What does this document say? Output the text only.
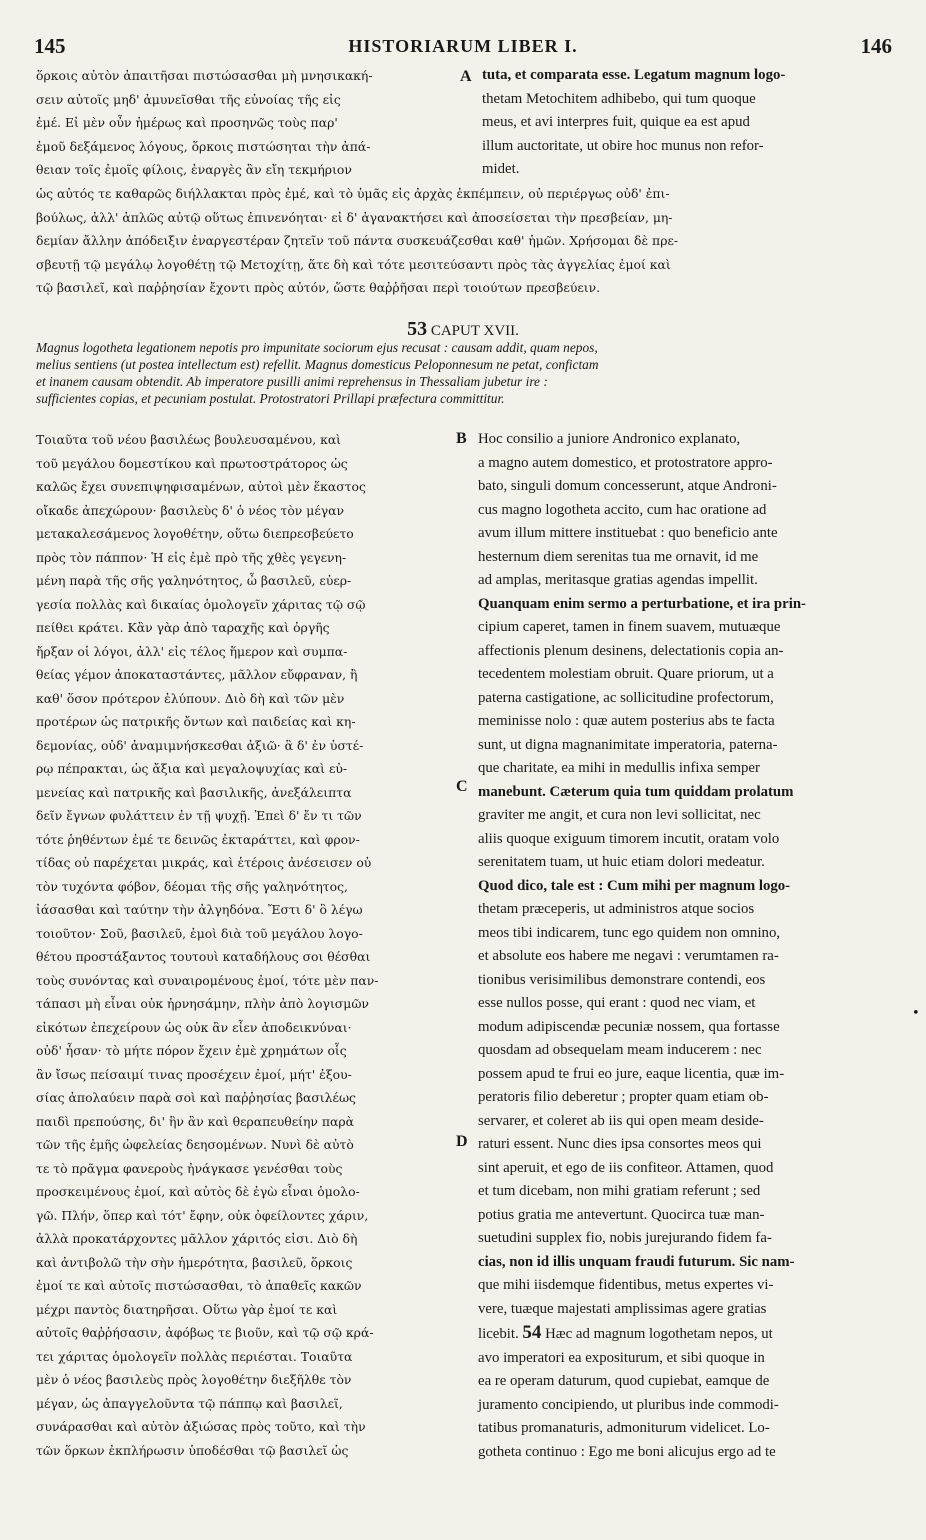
145	HISTORIARUM LIBER I.	146
ὅρκοις αὐτὸν ἀπαιτῆσαι πιστώσασθαι μὴ μνησικακή-
σειν αὐτοῖς μηδ' ἀμυνεῖσθαι τῆς εὐνοίας τῆς εἰς
ἐμέ. Εἰ μὲν οὖν ἡμέρως καὶ προσηνῶς τοὺς παρ'
ἐμοῦ δεξάμενος λόγους, ὅρκοις πιστώσηται τὴν ἀπά-
θειαν τοῖς ἐμοῖς φίλοις, ἐναργὲς ἂν εἴη τεκμήριον
A tuta, et comparata esse. Legatum magnum logo-
thetam Metochitem adhibebo, qui tum quoque
meus, et avi interpres fuit, quique ea est apud
illum auctoritate, ut obire hoc munus non refor-
midet.
ὡς αὐτός τε καθαρῶς διήλλακται πρὸς ἐμέ, καὶ τὸ ὑμᾶς εἰς ἀρχὰς ἐκπέμπειν, οὐ περιέργως οὐδ' ἐπι-
βούλως, ἀλλ' ἁπλῶς αὐτῷ οὕτως ἐπινενόηται· εἰ δ' ἀγανακτήσει καὶ ἀποσείσεται τὴν πρεσβείαν, μη-
δεμίαν ἄλλην ἀπόδειξιν ἐναργεστέραν ζητεῖν τοῦ πάντα συσκευάζεσθαι καθ' ἡμῶν. Χρήσομαι δὲ πρε-
σβευτῇ τῷ μεγάλῳ λογοθέτῃ τῷ Μετοχίτῃ, ἅτε δὴ καὶ τότε μεσιτεύσαντι πρὸς τὰς ἀγγελίας ἐμοί καὶ
τῷ βασιλεῖ, καὶ παῤῥησίαν ἔχοντι πρὸς αὐτόν, ὥστε θαῤῥῆσαι περὶ τοιούτων πρεσβεύειν.
53 CAPUT XVII.
Magnus logotheta legationem nepotis pro impunitate sociorum ejus recusat : causam addit, quam nepos,
melius sentiens (ut postea intellectum est) refellit. Magnus domesticus Peloponnesum ne petat, confictam
et inanem causam obtendit. Ab imperatore pusilli animi reprehensus in Thessaliam jubetur ire :
sufficientes copias, et pecuniam postulat. Protostratori Prillapi præfectura committitur.
Τοιαῦτα τοῦ νέου βασιλέως βουλευσαμένου, καὶ
τοῦ μεγάλου δομεστίκου καὶ πρωτοστράτορος ὡς
καλῶς ἔχει συνεπιψηφισαμένων, αὐτοὶ μὲν ἕκαστος
οἴκαδε ἀπεχώρουν· βασιλεὺς δ' ὁ νέος τὸν μέγαν
μετακαλεσάμενος λογοθέτην, οὕτω διεπρεσβεύετο
πρὸς τὸν πάππον· Ἡ εἰς ἐμὲ πρὸ τῆς χθὲς γεγενη-
μένη παρὰ τῆς σῆς γαληνότητος, ὦ βασιλεῦ, εὐερ-
γεσία πολλὰς καὶ δικαίας ὁμολογεῖν χάριτας τῷ σῷ
πείθει κράτει. Κἂν γὰρ ἀπὸ ταραχῆς καὶ ὀργῆς
ἤρξαν οἱ λόγοι, ἀλλ' εἰς τέλος ἥμερον καὶ συμπα-
θείας γέμον ἀποκαταστάντες, μᾶλλον εὔφραναν, ἢ
καθ' ὅσον πρότερον ἐλύπουν. Διὸ δὴ καὶ τῶν μὲν
προτέρων ὡς πατρικῆς ὄντων καὶ παιδείας καὶ κη-
δεμονίας, οὐδ' ἀναμιμνήσκεσθαι ἀξιῶ· ἃ δ' ἐν ὑστέ-
ρῳ πέπρακται, ὡς ἄξια καὶ μεγαλοψυχίας καὶ εὐ-
μενείας καὶ πατρικῆς καὶ βασιλικῆς, ἀνεξάλειπτα
δεῖν ἔγνων φυλάττειν ἐν τῇ ψυχῇ. Ἐπεὶ δ' ἔν τι τῶν
τότε ῥηθέντων ἐμέ τε δεινῶς ἐκταράττει, καὶ φρον-
τίδας οὐ παρέχεται μικράς, καὶ ἑτέροις ἀνέσεισεν οὐ
τὸν τυχόντα φόβον, δέομαι τῆς σῆς γαληνότητος,
ἰάσασθαι καὶ ταύτην τὴν ἀλγηδόνα. Ἔστι δ' ὃ λέγω
τοιοῦτον· Σοῦ, βασιλεῦ, ἐμοὶ διὰ τοῦ μεγάλου λογο-
θέτου προστάξαντος τουτουὶ καταδήλους σοι θέσθαι
τοὺς συνόντας καὶ συναιρομένους ἐμοί, τότε μὲν παν-
τάπασι μὴ εἶναι οὐκ ἠρνησάμην, πλὴν ἀπὸ λογισμῶν
εἰκότων ἐπεχείρουν ὡς οὐκ ἂν εἶεν ἀποδεικνύναι·
οὐδ' ἦσαν· τὸ μήτε πόρον ἔχειν ἐμὲ χρημάτων οἷς
ἂν ἴσως πείσαιμί τινας προσέχειν ἐμοί, μήτ' ἐξου-
σίας ἀπολαύειν παρὰ σοὶ καὶ παῤῥησίας βασιλέως
παιδὶ πρεπούσης, δι' ἣν ἂν καὶ θεραπευθείην παρὰ
τῶν τῆς ἐμῆς ὠφελείας δεησομένων. Νυνὶ δὲ αὐτὸ
τε τὸ πρᾶγμα φανεροὺς ἠνάγκασε γενέσθαι τοὺς
προσκειμένους ἐμοί, καὶ αὐτὸς δὲ ἐγὼ εἶναι ὁμολο-
γῶ. Πλήν, ὅπερ καὶ τότ' ἔφην, οὐκ ὀφείλοντες χάριν,
ἀλλὰ προκατάρχοντες μᾶλλον χάριτός εἰσι. Διὸ δὴ
καὶ ἀντιβολῶ τὴν σὴν ἡμερότητα, βασιλεῦ, ὅρκοις
ἐμοί τε καὶ αὐτοῖς πιστώσασθαι, τὸ ἀπαθεῖς κακῶν
μέχρι παντὸς διατηρῆσαι. Οὕτω γὰρ ἐμοί τε καὶ
αὐτοῖς θαῤῥήσασιν, ἀφόβως τε βιοῦν, καὶ τῷ σῷ κρά-
τει χάριτας ὁμολογεῖν πολλὰς περιέσται. Τοιαῦτα
μὲν ὁ νέος βασιλεὺς πρὸς λογοθέτην διεξῆλθε τὸν
μέγαν, ὡς ἀπαγγελοῦντα τῷ πάππῳ καὶ βασιλεῖ,
συνάρασθαι καὶ αὐτὸν ἀξιώσας πρὸς τοῦτο, καὶ τὴν
τῶν ὅρκων ἐκπλήρωσιν ὑποδέσθαι τῷ βασιλεῖ ὡς
B
C
D
Hoc consilio a juniore Andronico explanato,
a magno autem domestico, et protostratore appro-
bato, singuli domum concesserunt, atque Androni-
cus magno logotheta accito, cum hac oratione ad
avum illum mittere instituebat : quo beneficio ante
hesternum diem serenitas tua me ornavit, id me
ad amplas, meritasque gratias agendas impellit.
Quanquam enim sermo a perturbatione, et ira prin-
cipium caperet, tamen in finem suavem, mutuæque
affectionis plenum desinens, delectationis copia an-
tecedentem molestiam obruit. Quare priorum, ut a
paterna castigatione, ac sollicitudine profectorum,
meminisse nolo : quæ autem posterius abs te facta
sunt, ut digna magnanimitate imperatoria, paterna-
que charitate, ea mihi in medullis infixa semper
manebunt. Cæterum quia tum quiddam prolatum
graviter me angit, et cura non levi sollicitat, nec
aliis quoque exiguum timorem incutit, oratam volo
serenitatem tuam, ut huic etiam dolori medeatur.
Quod dico, tale est : Cum mihi per magnum logo-
thetam præceperis, ut administros atque socios
meos tibi indicarem, tunc ego quidem non omnino,
et absolute eos habere me negavi : verumtamen ra-
tionibus verisimilibus demonstrare contendi, eos
esse nullos posse, qui erant : quod nec viam, et
modum adipiscendæ pecuniæ nossem, qua fortasse
quosdam ad obsequelam meam inducerem : nec
possem apud te frui eo jure, eaque licentia, quæ im-
peratoris filio deberetur ; propter quam etiam ob-
servarer, et coleret ab iis qui open meam deside-
raturi essent. Nunc dies ipsa consortes meos qui
sint aperuit, et ego de iis confiteor. Attamen, quod
et tum dicebam, non mihi gratiam referunt ; sed
potius gratia me antevertunt. Quocirca tuæ man-
suetudini supplex fio, nobis jurejurando fidem fa-
cias, non id illis unquam fraudi futurum. Sic nam-
que mihi iisdemque fidentibus, metus expertes vi-
vere, tuæque majestati amplissimas agere gratias
licebit. 54 Hæc ad magnum logothetam nepos, ut
avo imperatori ea expositurum, et sibi quoque in
ea re operam daturum, quod cupiebat, eamque de
juramento concipiendo, ut pluribus inde commodi-
tatibus promanaturis, admoniturum videlicet. Lo-
gotheta continuo : Ego me boni alicujus ergo ad te
•
